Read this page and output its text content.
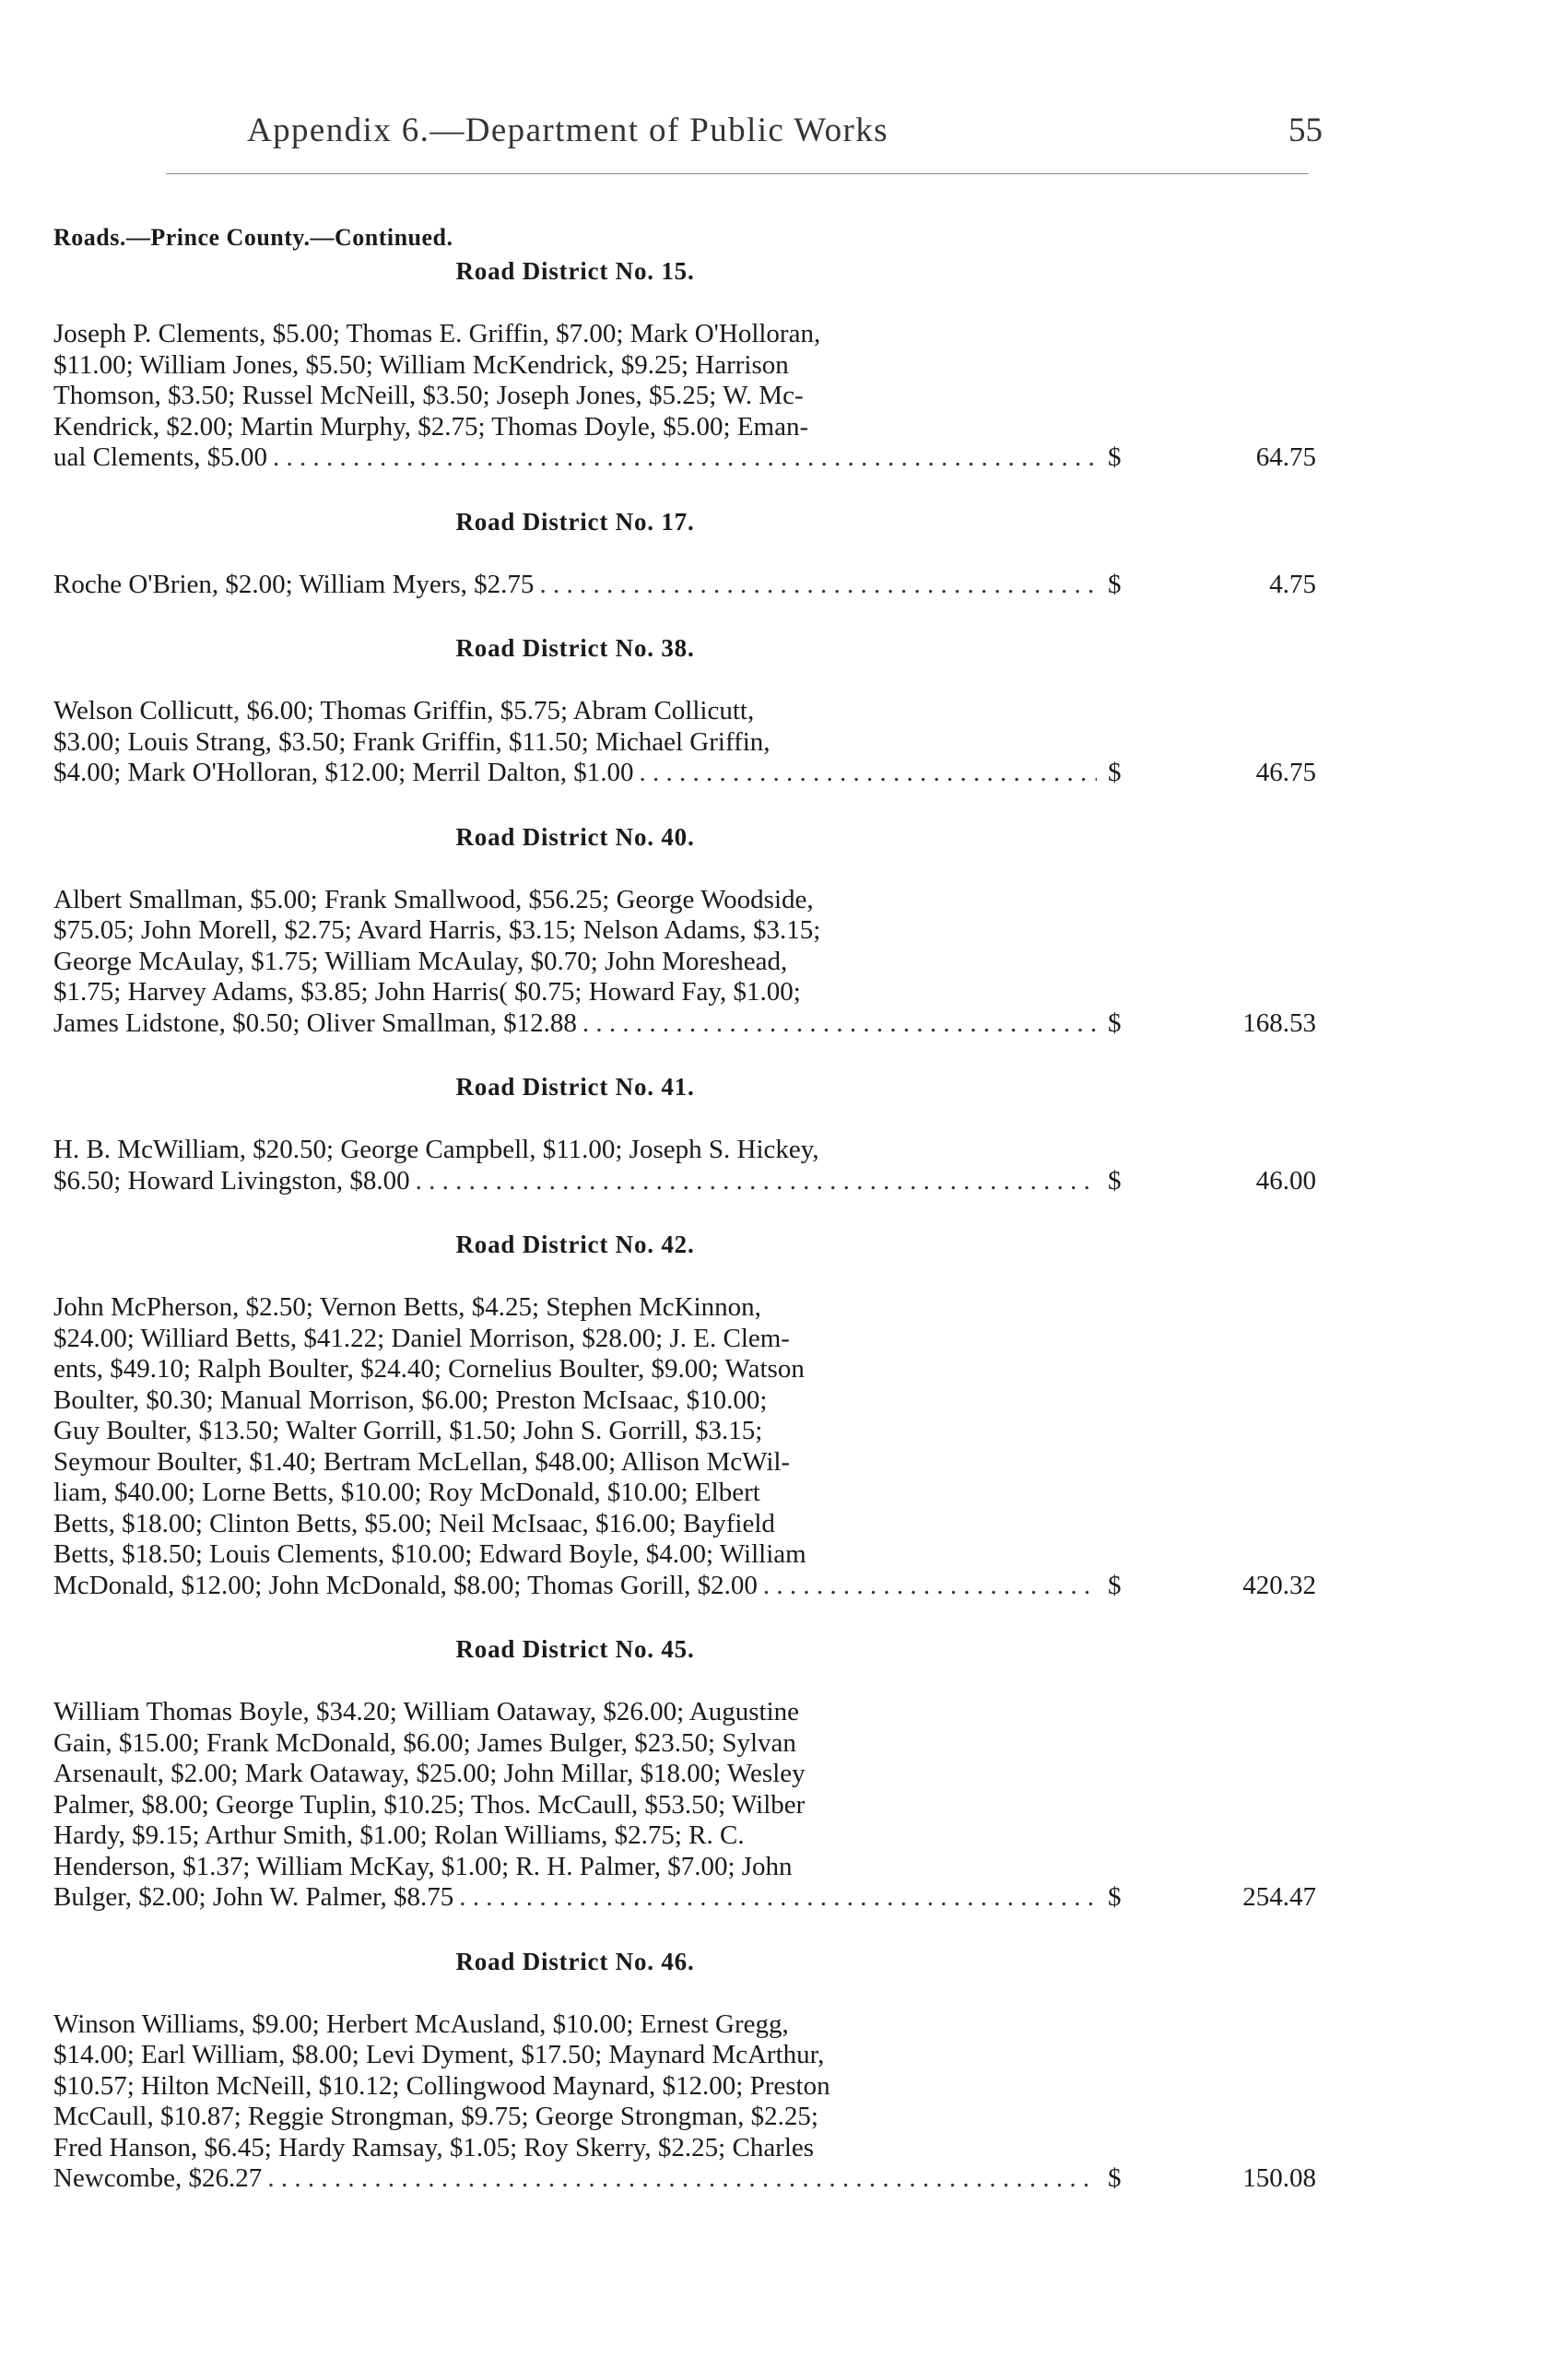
Appendix 6.—Department of Public Works	55
Roads.—Prince County.—Continued.
Road District No. 15.
Joseph P. Clements, $5.00; Thomas E. Griffin, $7.00; Mark O'Holloran,
$11.00; William Jones, $5.50; William McKendrick, $9.25; Harrison
Thomson, $3.50; Russel McNeill, $3.50; Joseph Jones, $5.25; W. Mc-
Kendrick, $2.00; Martin Murphy, $2.75; Thomas Doyle, $5.00; Eman-
ual Clements, $5.00 . . .	$	64.75
Road District No. 17.
Roche O'Brien, $2.00; William Myers, $2.75 . . .	$	4.75
Road District No. 38.
Welson Collicutt, $6.00; Thomas Griffin, $5.75; Abram Collicutt,
$3.00; Louis Strang, $3.50; Frank Griffin, $11.50; Michael Griffin,
$4.00; Mark O'Holloran, $12.00; Merril Dalton, $1.00 . . .	$	46.75
Road District No. 40.
Albert Smallman, $5.00; Frank Smallwood, $56.25; George Woodside,
$75.05; John Morell, $2.75; Avard Harris, $3.15; Nelson Adams, $3.15;
George McAulay, $1.75; William McAulay, $0.70; John Moreshead,
$1.75; Harvey Adams, $3.85; John Harris( $0.75; Howard Fay, $1.00;
James Lidstone, $0.50; Oliver Smallman, $12.88 . . .	$	168.53
Road District No. 41.
H. B. McWilliam, $20.50; George Campbell, $11.00; Joseph S. Hickey,
$6.50; Howard Livingston, $8.00 . . .	$	46.00
Road District No. 42.
John McPherson, $2.50; Vernon Betts, $4.25; Stephen McKinnon,
$24.00; Williard Betts, $41.22; Daniel Morrison, $28.00; J. E. Clem-
ents, $49.10; Ralph Boulter, $24.40; Cornelius Boulter, $9.00; Watson
Boulter, $0.30; Manual Morrison, $6.00; Preston McIsaac, $10.00;
Guy Boulter, $13.50; Walter Gorrill, $1.50; John S. Gorrill, $3.15;
Seymour Boulter, $1.40; Bertram McLellan, $48.00; Allison McWil-
liam, $40.00; Lorne Betts, $10.00; Roy McDonald, $10.00; Elbert
Betts, $18.00; Clinton Betts, $5.00; Neil McIsaac, $16.00; Bayfield
Betts, $18.50; Louis Clements, $10.00; Edward Boyle, $4.00; William
McDonald, $12.00; John McDonald, $8.00; Thomas Gorill, $2.00 . . .	$	420.32
Road District No. 45.
William Thomas Boyle, $34.20; William Oataway, $26.00; Augustine
Gain, $15.00; Frank McDonald, $6.00; James Bulger, $23.50; Sylvan
Arsenault, $2.00; Mark Oataway, $25.00; John Millar, $18.00; Wesley
Palmer, $8.00; George Tuplin, $10.25; Thos. McCaull, $53.50; Wilber
Hardy, $9.15; Arthur Smith, $1.00; Rolan Williams, $2.75; R. C.
Henderson, $1.37; William McKay, $1.00; R. H. Palmer, $7.00; John
Bulger, $2.00; John W. Palmer, $8.75 . . .	$	254.47
Road District No. 46.
Winson Williams, $9.00; Herbert McAusland, $10.00; Ernest Gregg,
$14.00; Earl William, $8.00; Levi Dyment, $17.50; Maynard McArthur,
$10.57; Hilton McNeill, $10.12; Collingwood Maynard, $12.00; Preston
McCaull, $10.87; Reggie Strongman, $9.75; George Strongman, $2.25;
Fred Hanson, $6.45; Hardy Ramsay, $1.05; Roy Skerry, $2.25; Charles
Newcombe, $26.27 . . .	$	150.08
